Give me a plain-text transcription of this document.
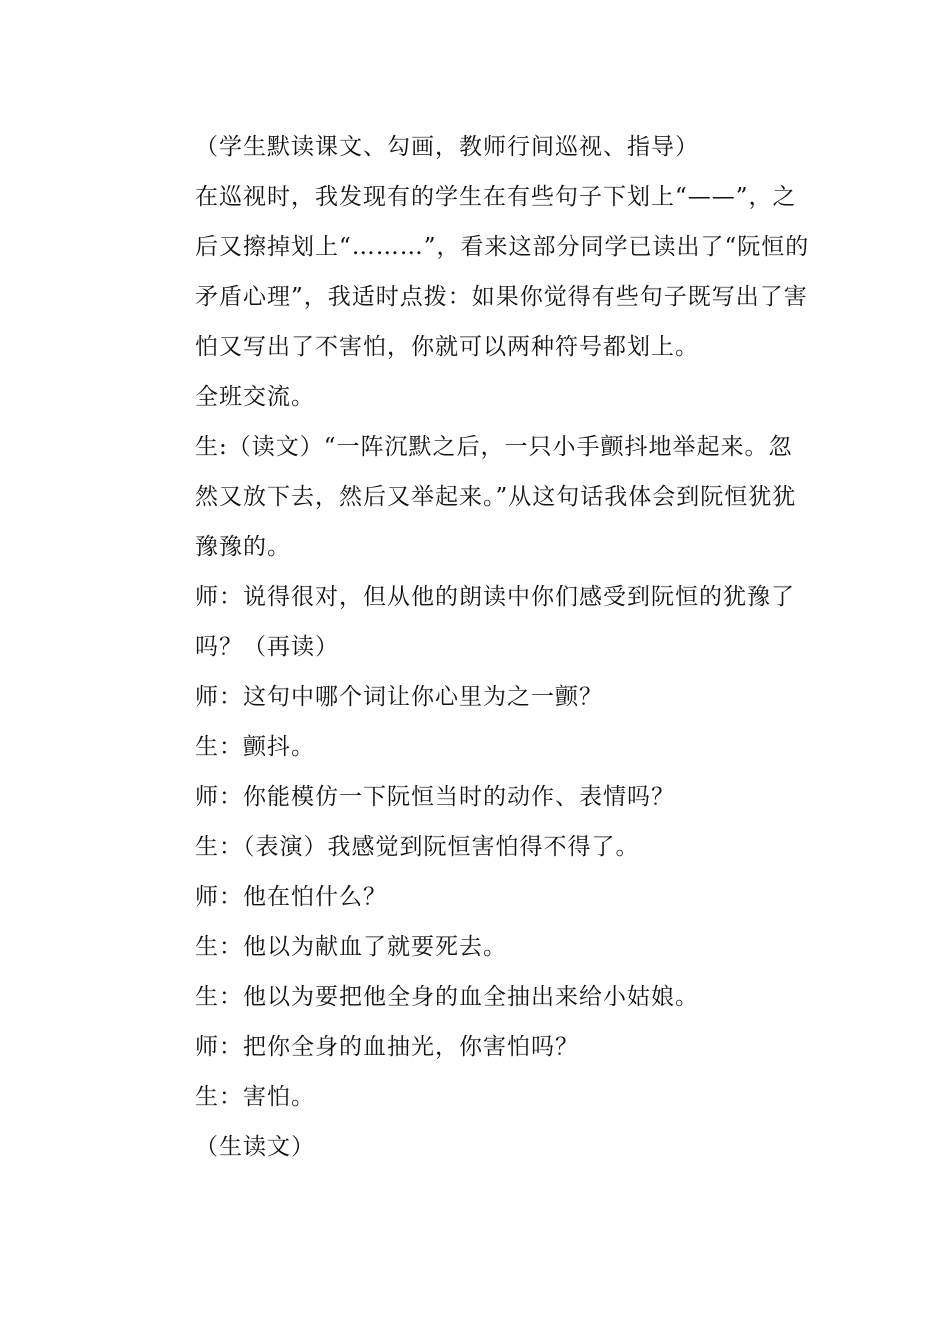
（学生默读课文、勾画，教师行间巡视、指导）

在巡视时，我发现有的学生在有些句子下划上“——”，之后又擦掉划上“………”，看来这部分同学已读出了“阮恒的矛盾心理”，我适时点拨：如果你觉得有些句子既写出了害怕又写出了不害怕，你就可以两种符号都划上。

全班交流。

生:（读文）“一阵沉默之后，一只小手颤抖地举起来。忽然又放下去，然后又举起来。”从这句话我体会到阮恒犹犹豫豫的。

师：说得很对，但从他的朗读中你们感受到阮恒的犹豫了吗？（再读）

师：这句中哪个词让你心里为之一颤？

生：颤抖。

师：你能模仿一下阮恒当时的动作、表情吗？

生：（表演）我感觉到阮恒害怕得不得了。

师：他在怕什么？

生：他以为献血了就要死去。

生：他以为要把他全身的血全抽出来给小姑娘。

师：把你全身的血抽光，你害怕吗？

生：害怕。

（生读文）
